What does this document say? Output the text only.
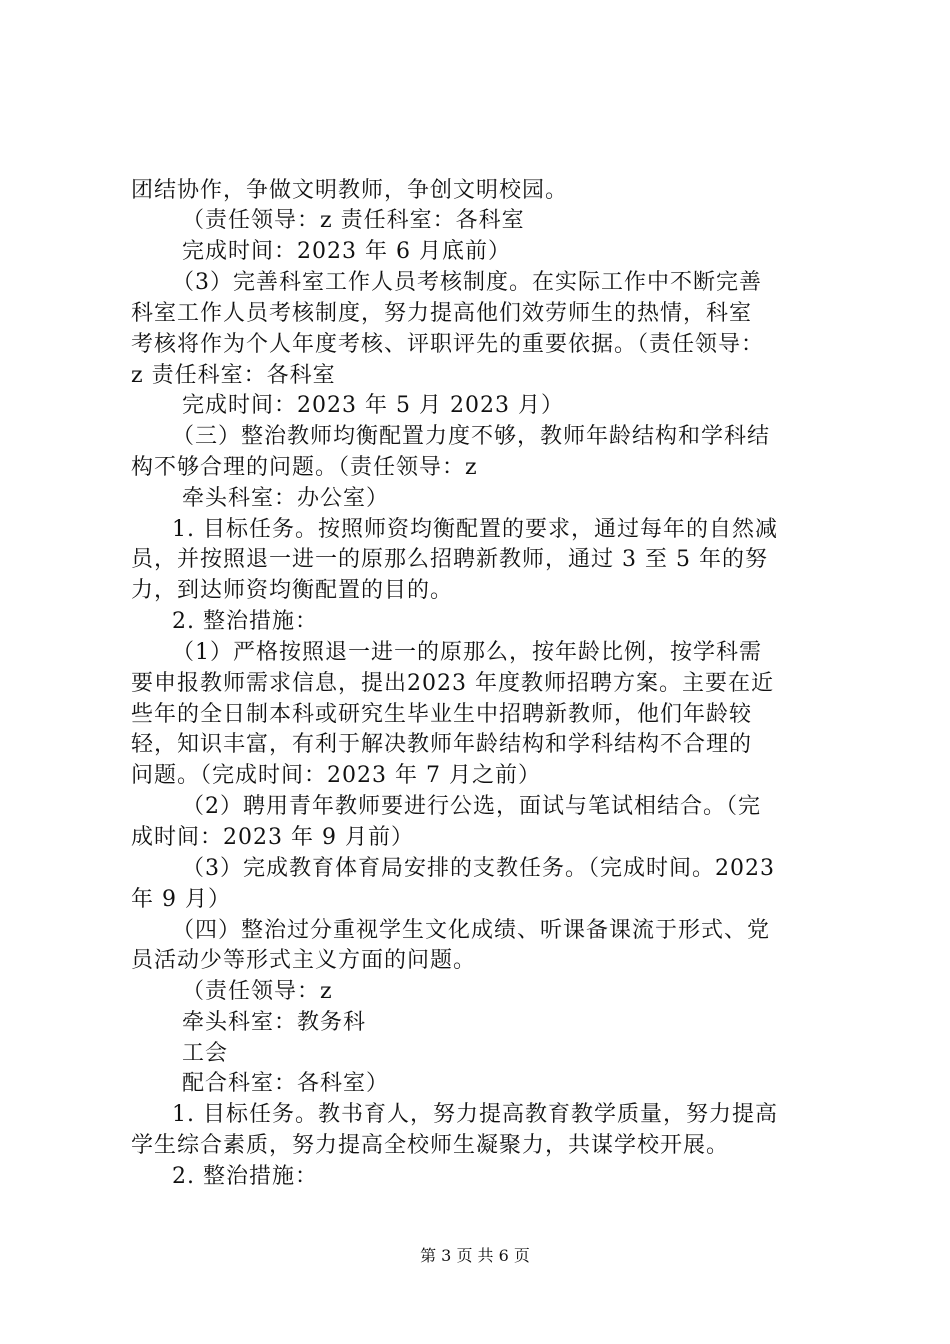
团结协作，争做文明教师，争创文明校园。
（责任领导：z 责任科室：各科室
完成时间：2023 年 6 月底前）
（3）完善科室工作人员考核制度。在实际工作中不断完善
科室工作人员考核制度，努力提高他们效劳师生的热情，科室
考核将作为个人年度考核、评职评先的重要依据。（责任领导：
z 责任科室：各科室
完成时间：2023 年 5 月 2023 月）
（三）整治教师均衡配置力度不够，教师年龄结构和学科结
构不够合理的问题。（责任领导：z
牵头科室：办公室）
1. 目标任务。按照师资均衡配置的要求，通过每年的自然减
员，并按照退一进一的原那么招聘新教师，通过 3 至 5 年的努
力，到达师资均衡配置的目的。
2. 整治措施：
（1）严格按照退一进一的原那么，按年龄比例，按学科需
要申报教师需求信息，提出2023 年度教师招聘方案。主要在近
些年的全日制本科或研究生毕业生中招聘新教师，他们年龄较
轻，知识丰富，有利于解决教师年龄结构和学科结构不合理的
问题。（完成时间：2023 年 7 月之前）
（2）聘用青年教师要进行公选，面试与笔试相结合。（完
成时间：2023 年 9 月前）
（3）完成教育体育局安排的支教任务。（完成时间。2023
年 9 月）
（四）整治过分重视学生文化成绩、听课备课流于形式、党
员活动少等形式主义方面的问题。
（责任领导：z
牵头科室：教务科
工会
配合科室：各科室）
1. 目标任务。教书育人，努力提高教育教学质量，努力提高
学生综合素质，努力提高全校师生凝聚力，共谋学校开展。
2. 整治措施：
第 3 页 共 6 页
